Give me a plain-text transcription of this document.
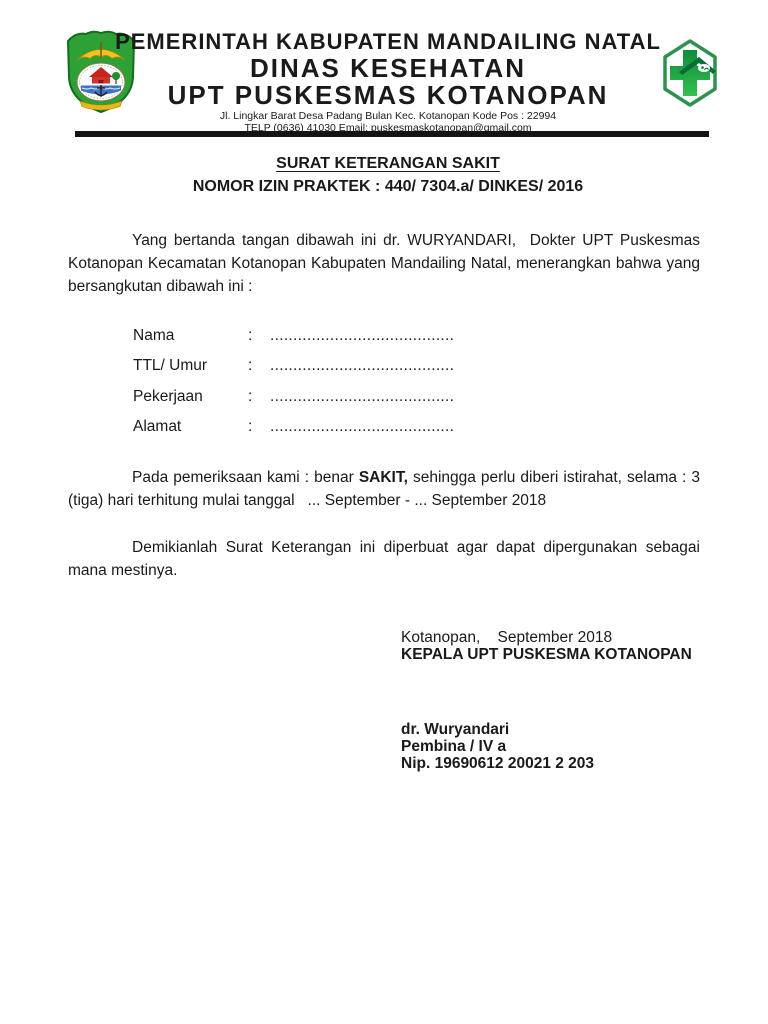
PEMERINTAH KABUPATEN MANDAILING NATAL
DINAS KESEHATAN
UPT PUSKESMAS KOTANOPAN
Jl. Lingkar Barat Desa Padang Bulan Kec. Kotanopan Kode Pos : 22994
TELP (0636) 41030 Email: puskesmaskotanopan@gmail.com
SURAT KETERANGAN SAKIT
NOMOR IZIN PRAKTEK : 440/ 7304.a/ DINKES/ 2016
Yang bertanda tangan dibawah ini dr. WURYANDARI,  Dokter UPT Puskesmas Kotanopan Kecamatan Kotanopan Kabupaten Mandailing Natal, menerangkan bahwa yang bersangkutan dibawah ini :
Nama	:	........................................
TTL/ Umur	:	........................................
Pekerjaan	:	........................................
Alamat	:	........................................
Pada pemeriksaan kami : benar SAKIT, sehingga perlu diberi istirahat, selama : 3 (tiga) hari terhitung mulai tanggal   ... September - ... September 2018
Demikianlah Surat Keterangan ini diperbuat agar dapat dipergunakan sebagai mana mestinya.
Kotanopan,    September 2018
KEPALA UPT PUSKESMA KOTANOPAN
dr. Wuryandari
Pembina / IV a
Nip. 19690612 20021 2 203
